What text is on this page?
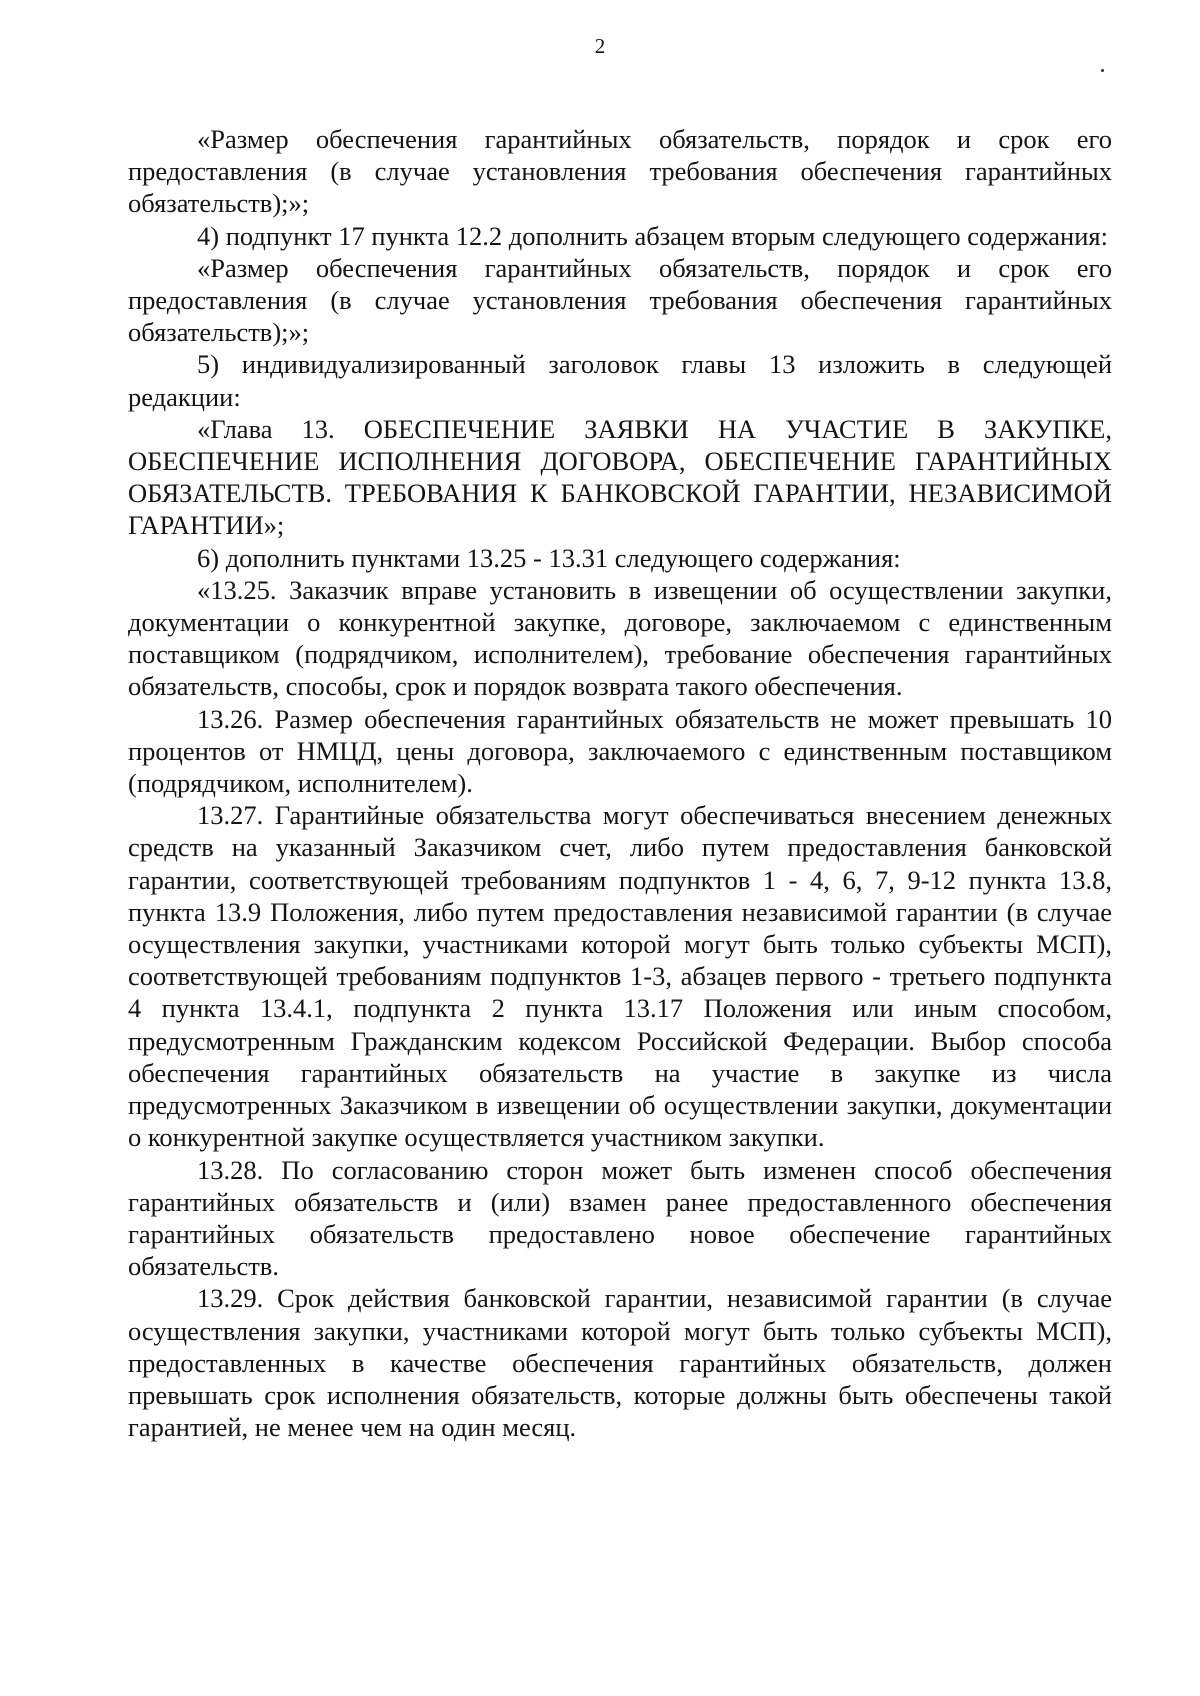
2

«Размер обеспечения гарантийных обязательств, порядок и срок его предоставления (в случае установления требования обеспечения гарантийных обязательств);»;

4) подпункт 17 пункта 12.2 дополнить абзацем вторым следующего содержания:

«Размер обеспечения гарантийных обязательств, порядок и срок его предоставления (в случае установления требования обеспечения гарантийных обязательств);»;

5) индивидуализированный заголовок главы 13 изложить в следующей редакции:

«Глава 13. ОБЕСПЕЧЕНИЕ ЗАЯВКИ НА УЧАСТИЕ В ЗАКУПКЕ, ОБЕСПЕЧЕНИЕ ИСПОЛНЕНИЯ ДОГОВОРА, ОБЕСПЕЧЕНИЕ ГАРАНТИЙНЫХ ОБЯЗАТЕЛЬСТВ. ТРЕБОВАНИЯ К БАНКОВСКОЙ ГАРАНТИИ, НЕЗАВИСИМОЙ ГАРАНТИИ»;

6) дополнить пунктами 13.25 - 13.31 следующего содержания:

«13.25. Заказчик вправе установить в извещении об осуществлении закупки, документации о конкурентной закупке, договоре, заключаемом с единственным поставщиком (подрядчиком, исполнителем), требование обеспечения гарантийных обязательств, способы, срок и порядок возврата такого обеспечения.

13.26. Размер обеспечения гарантийных обязательств не может превышать 10 процентов от НМЦД, цены договора, заключаемого с единственным поставщиком (подрядчиком, исполнителем).

13.27. Гарантийные обязательства могут обеспечиваться внесением денежных средств на указанный Заказчиком счет, либо путем предоставления банковской гарантии, соответствующей требованиям подпунктов 1 - 4, 6, 7, 9-12 пункта 13.8, пункта 13.9 Положения, либо путем предоставления независимой гарантии (в случае осуществления закупки, участниками которой могут быть только субъекты МСП), соответствующей требованиям подпунктов 1-3, абзацев первого - третьего подпункта 4 пункта 13.4.1, подпункта 2 пункта 13.17 Положения или иным способом, предусмотренным Гражданским кодексом Российской Федерации. Выбор способа обеспечения гарантийных обязательств на участие в закупке из числа предусмотренных Заказчиком в извещении об осуществлении закупки, документации о конкурентной закупке осуществляется участником закупки.

13.28. По согласованию сторон может быть изменен способ обеспечения гарантийных обязательств и (или) взамен ранее предоставленного обеспечения гарантийных обязательств предоставлено новое обеспечение гарантийных обязательств.

13.29. Срок действия банковской гарантии, независимой гарантии (в случае осуществления закупки, участниками которой могут быть только субъекты МСП), предоставленных в качестве обеспечения гарантийных обязательств, должен превышать срок исполнения обязательств, которые должны быть обеспечены такой гарантией, не менее чем на один месяц.
